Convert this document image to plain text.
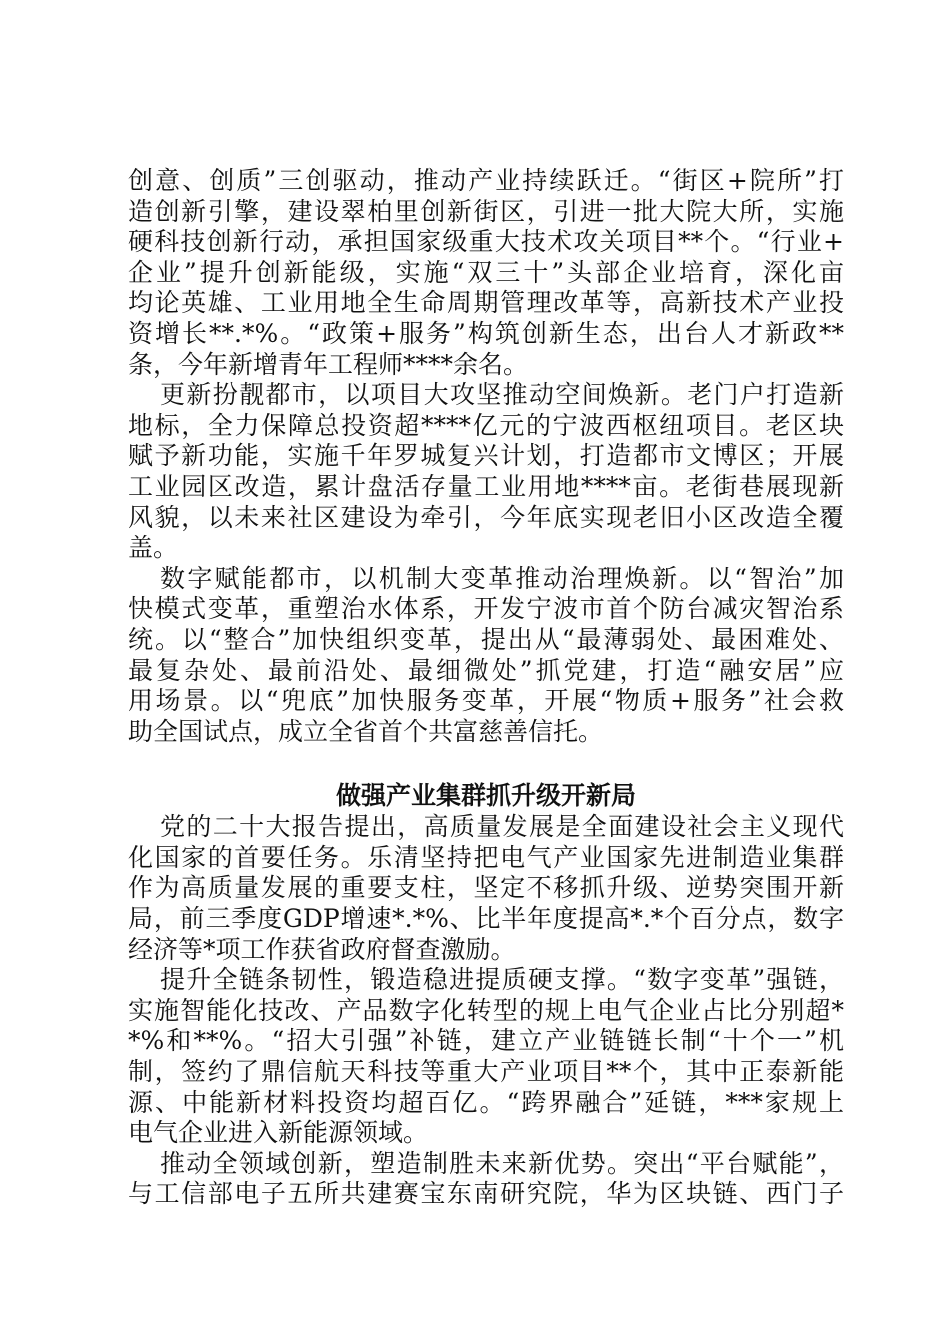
创意、创质”三创驱动，推动产业持续跃迁。“街区+院所”打
造创新引擎，建设翠柏里创新街区，引进一批大院大所，实施
硬科技创新行动，承担国家级重大技术攻关项目**个。“行业+
企业”提升创新能级，实施“双三十”头部企业培育，深化亩
均论英雄、工业用地全生命周期管理改革等，高新技术产业投
资增长**.*%。“政策+服务”构筑创新生态，出台人才新政**
条，今年新增青年工程师****余名。
更新扮靓都市，以项目大攻坚推动空间焕新。老门户打造新
地标，全力保障总投资超****亿元的宁波西枢纽项目。老区块
赋予新功能，实施千年罗城复兴计划，打造都市文博区；开展
工业园区改造，累计盘活存量工业用地****亩。老街巷展现新
风貌，以未来社区建设为牵引，今年底实现老旧小区改造全覆
盖。
数字赋能都市，以机制大变革推动治理焕新。以“智治”加
快模式变革，重塑治水体系，开发宁波市首个防台减灾智治系
统。以“整合”加快组织变革，提出从“最薄弱处、最困难处、
最复杂处、最前沿处、最细微处”抓党建，打造“融安居”应
用场景。以“兜底”加快服务变革，开展“物质+服务”社会救
助全国试点，成立全省首个共富慈善信托。
做强产业集群抓升级开新局
党的二十大报告提出，高质量发展是全面建设社会主义现代
化国家的首要任务。乐清坚持把电气产业国家先进制造业集群
作为高质量发展的重要支柱，坚定不移抓升级、逆势突围开新
局，前三季度GDP增速*.*%、比半年度提高*.*个百分点，数字
经济等*项工作获省政府督查激励。
提升全链条韧性，锻造稳进提质硬支撑。“数字变革”强链，
实施智能化技改、产品数字化转型的规上电气企业占比分别超*
*%和**%。“招大引强”补链，建立产业链链长制“十个一”机
制，签约了鼎信航天科技等重大产业项目**个，其中正泰新能
源、中能新材料投资均超百亿。“跨界融合”延链，***家规上
电气企业进入新能源领域。
推动全领域创新，塑造制胜未来新优势。突出“平台赋能”，
与工信部电子五所共建赛宝东南研究院，华为区块链、西门子
